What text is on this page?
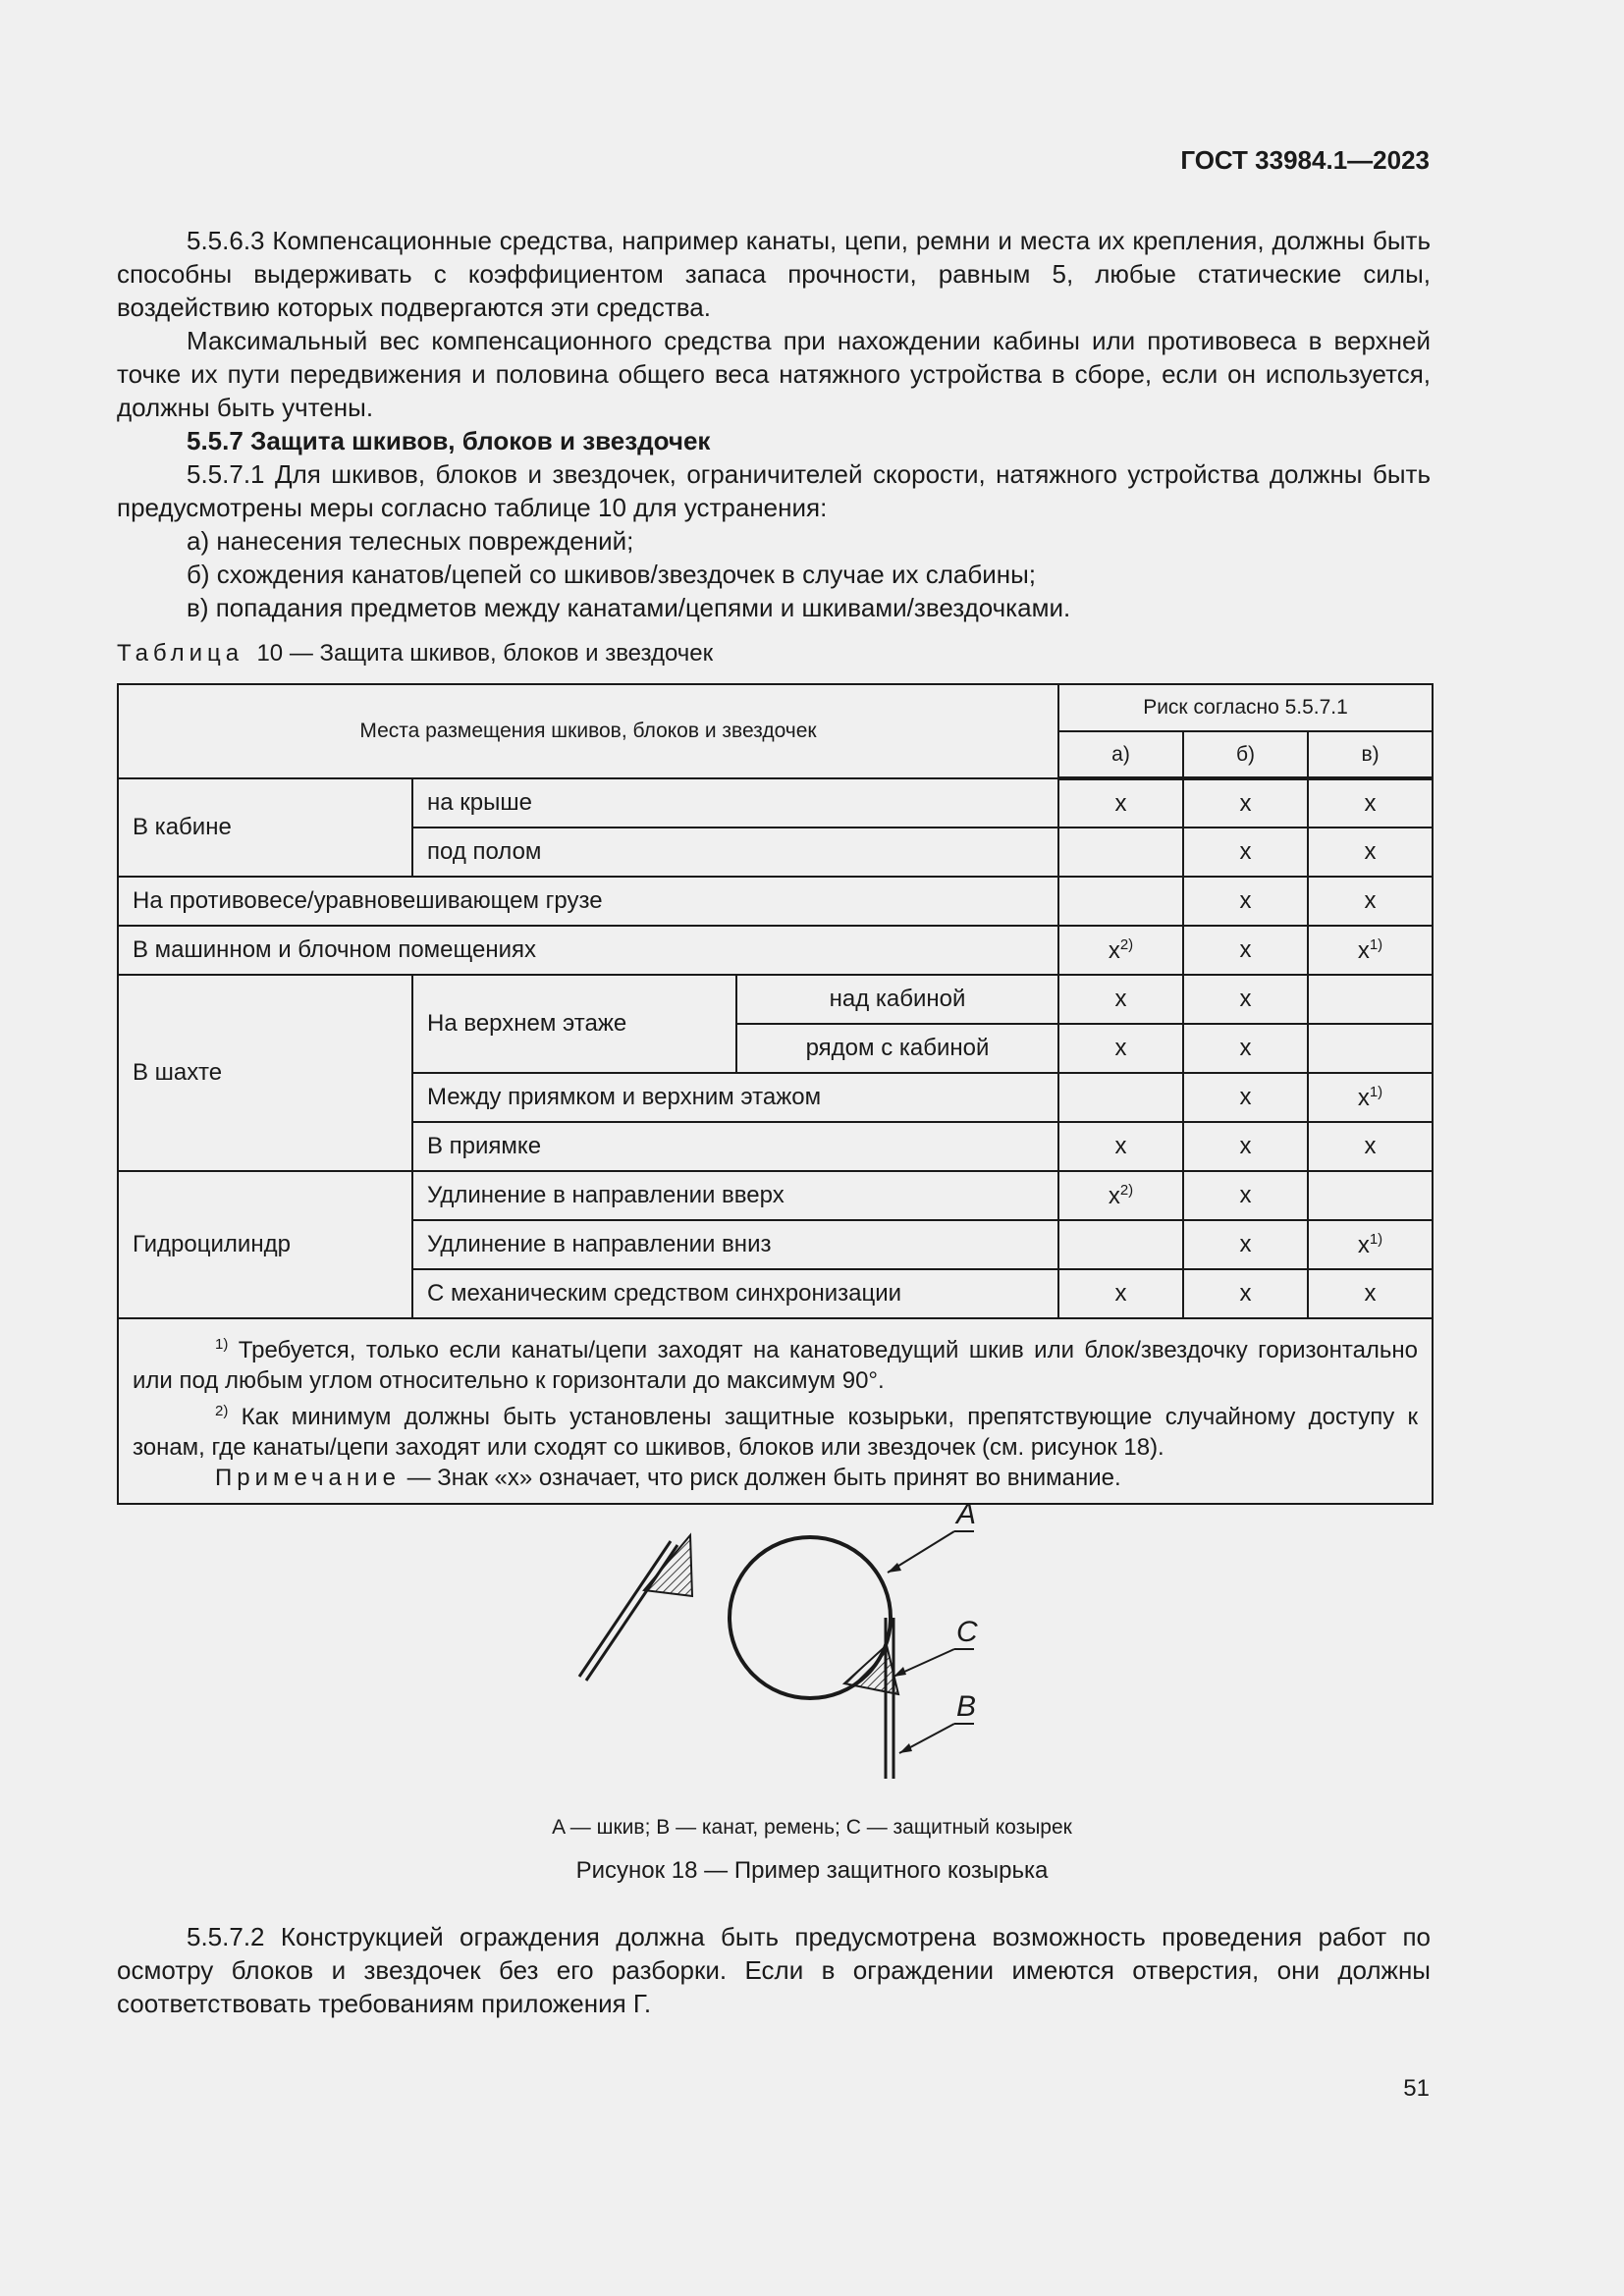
ГОСТ 33984.1—2023

5.5.6.3 Компенсационные средства, например канаты, цепи, ремни и места их крепления, должны быть способны выдерживать с коэффициентом запаса прочности, равным 5, любые статические силы, воздействию которых подвергаются эти средства.

Максимальный вес компенсационного средства при нахождении кабины или противовеса в верхней точке их пути передвижения и половина общего веса натяжного устройства в сборе, если он используется, должны быть учтены.

5.5.7 Защита шкивов, блоков и звездочек

5.5.7.1 Для шкивов, блоков и звездочек, ограничителей скорости, натяжного устройства должны быть предусмотрены меры согласно таблице 10 для устранения:

а) нанесения телесных повреждений;

б) схождения канатов/цепей со шкивов/звездочек в случае их слабины;

в) попадания предметов между канатами/цепями и шкивами/звездочками.

Таблица 10 — Защита шкивов, блоков и звездочек
Места размещения шкивов, блоков и звездочек			Риск согласно 5.5.7.1		
			а)	б)	в)
В кабине	на крыше		x	x	x
	под полом			x	x
На противовесе/уравновешивающем грузе				x	x
В машинном и блочном помещениях			$x^{2)}$	x	$x^{1)}$
В шахте	На верхнем этаже	над кабиной	x	x	
		рядом с кабиной	x	x	
	Между приямком и верхним этажом			x	$x^{1)}$
	В приямке		x	x	x
Гидроцилиндр	Удлинение в направлении вверх		$x^{2)}$	x	
	Удлинение в направлении вниз			x	$x^{1)}$
	С механическим средством синхронизации		x	x	x

$^{1)}$ Требуется, только если канаты/цепи заходят на канатоведущий шкив или блок/звездочку горизонтально или под любым углом относительно к горизонтали до максимум 90°.

$^{2)}$ Как минимум должны быть установлены защитные козырьки, препятствующие случайному доступу к зонам, где канаты/цепи заходят или сходят со шкивов, блоков или звездочек (см. рисунок 18).

Примечание — Знак «x» означает, что риск должен быть принят во внимание.					

A
C
B
A — шкив; B — канат, ремень; C — защитный козырек
Рисунок 18 — Пример защитного козырька

5.5.7.2 Конструкцией ограждения должна быть предусмотрена возможность проведения работ по осмотру блоков и звездочек без его разборки. Если в ограждении имеются отверстия, они должны соответствовать требованиям приложения Г.

51
